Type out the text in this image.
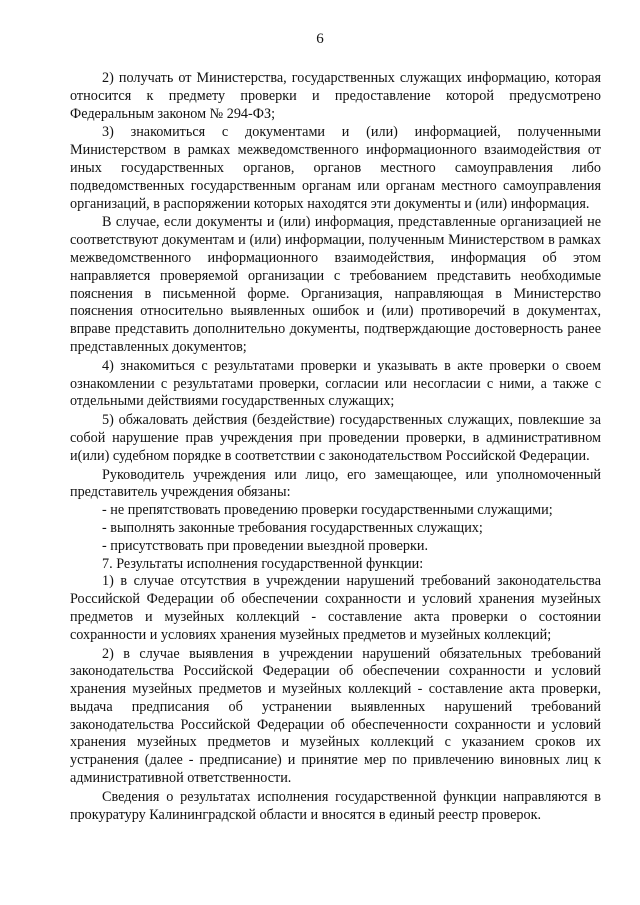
6

2) получать от Министерства, государственных служащих информацию, которая относится к предмету проверки и предоставление которой предусмотрено Федеральным законом № 294-ФЗ;

3) знакомиться с документами и (или) информацией, полученными Министерством в рамках межведомственного информационного взаимодействия от иных государственных органов, органов местного самоуправления либо подведомственных государственным органам или органам местного самоуправления организаций, в распоряжении которых находятся эти документы и (или) информация.

В случае, если документы и (или) информация, представленные организацией не соответствуют документам и (или) информации, полученным Министерством в рамках межведомственного информационного взаимодействия, информация об этом направляется проверяемой организации с требованием представить необходимые пояснения в письменной форме. Организация, направляющая в Министерство пояснения относительно выявленных ошибок и (или) противоречий в документах, вправе представить дополнительно документы, подтверждающие достоверность ранее представленных документов;

4) знакомиться с результатами проверки и указывать в акте проверки о своем ознакомлении с результатами проверки, согласии или несогласии с ними, а также с отдельными действиями государственных служащих;

5) обжаловать действия (бездействие) государственных служащих, повлекшие за собой нарушение прав учреждения при проведении проверки, в административном и(или) судебном порядке в соответствии с законодательством Российской Федерации.

Руководитель учреждения или лицо, его замещающее, или уполномоченный представитель учреждения обязаны:

- не препятствовать проведению проверки государственными служащими;

- выполнять законные требования государственных служащих;

- присутствовать при проведении выездной проверки.

7. Результаты исполнения государственной функции:

1) в случае отсутствия в учреждении нарушений требований законодательства Российской Федерации об обеспечении сохранности и условий хранения музейных предметов и музейных коллекций - составление акта проверки о состоянии сохранности и условиях хранения музейных предметов и музейных коллекций;

2) в случае выявления в учреждении нарушений обязательных требований законодательства Российской Федерации об обеспечении сохранности и условий хранения музейных предметов и музейных коллекций - составление акта проверки, выдача предписания об устранении выявленных нарушений требований законодательства Российской Федерации об обеспеченности сохранности и условий хранения музейных предметов и музейных коллекций с указанием сроков их устранения (далее - предписание) и принятие мер по привлечению виновных лиц к административной ответственности.

Сведения о результатах исполнения государственной функции направляются в прокуратуру Калининградской области и вносятся в единый реестр проверок.
